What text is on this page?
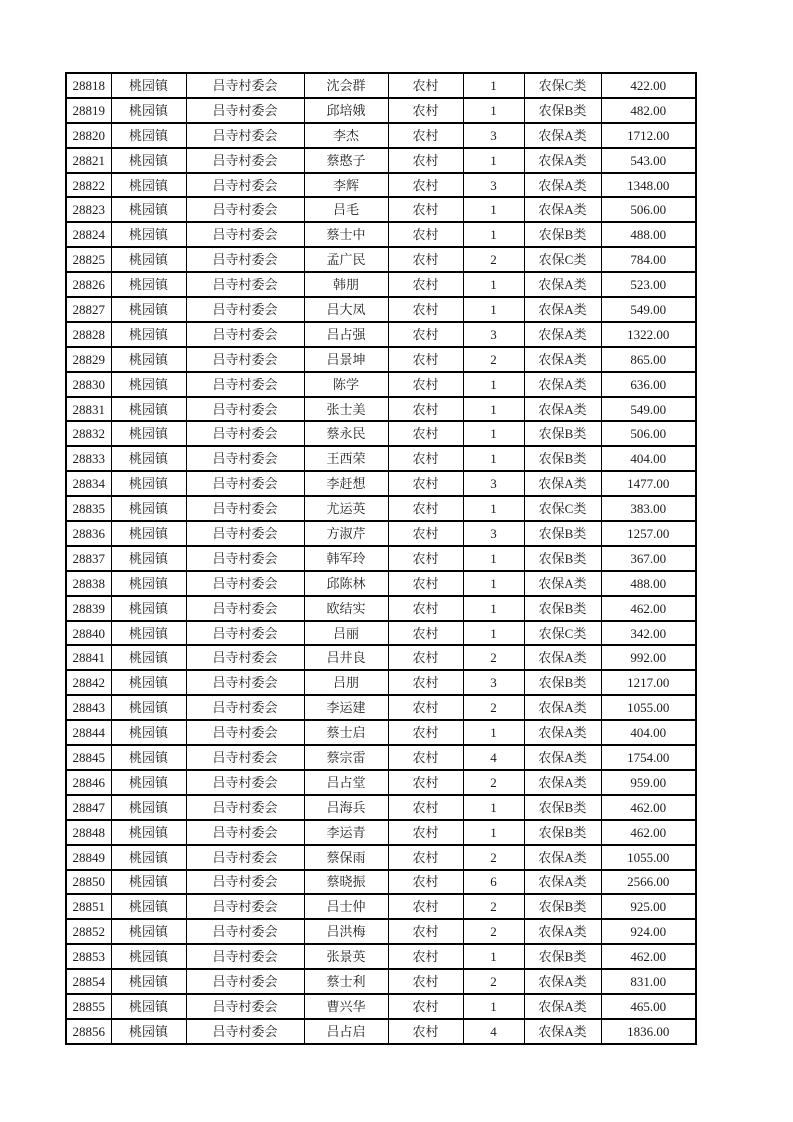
28818	桃园镇	吕寺村委会	沈会群	农村	1	农保C类	422.00
28819	桃园镇	吕寺村委会	邱培娥	农村	1	农保B类	482.00
28820	桃园镇	吕寺村委会	李杰	农村	3	农保A类	1712.00
28821	桃园镇	吕寺村委会	蔡憨子	农村	1	农保A类	543.00
28822	桃园镇	吕寺村委会	李辉	农村	3	农保A类	1348.00
28823	桃园镇	吕寺村委会	吕毛	农村	1	农保A类	506.00
28824	桃园镇	吕寺村委会	蔡士中	农村	1	农保B类	488.00
28825	桃园镇	吕寺村委会	孟广民	农村	2	农保C类	784.00
28826	桃园镇	吕寺村委会	韩朋	农村	1	农保A类	523.00
28827	桃园镇	吕寺村委会	吕大凤	农村	1	农保A类	549.00
28828	桃园镇	吕寺村委会	吕占强	农村	3	农保A类	1322.00
28829	桃园镇	吕寺村委会	吕景坤	农村	2	农保A类	865.00
28830	桃园镇	吕寺村委会	陈学	农村	1	农保A类	636.00
28831	桃园镇	吕寺村委会	张士美	农村	1	农保A类	549.00
28832	桃园镇	吕寺村委会	蔡永民	农村	1	农保B类	506.00
28833	桃园镇	吕寺村委会	王西荣	农村	1	农保B类	404.00
28834	桃园镇	吕寺村委会	李赶想	农村	3	农保A类	1477.00
28835	桃园镇	吕寺村委会	尤运英	农村	1	农保C类	383.00
28836	桃园镇	吕寺村委会	方淑芹	农村	3	农保B类	1257.00
28837	桃园镇	吕寺村委会	韩军玲	农村	1	农保B类	367.00
28838	桃园镇	吕寺村委会	邱陈林	农村	1	农保A类	488.00
28839	桃园镇	吕寺村委会	欧结实	农村	1	农保B类	462.00
28840	桃园镇	吕寺村委会	吕丽	农村	1	农保C类	342.00
28841	桃园镇	吕寺村委会	吕井良	农村	2	农保A类	992.00
28842	桃园镇	吕寺村委会	吕朋	农村	3	农保B类	1217.00
28843	桃园镇	吕寺村委会	李运建	农村	2	农保A类	1055.00
28844	桃园镇	吕寺村委会	蔡士启	农村	1	农保A类	404.00
28845	桃园镇	吕寺村委会	蔡宗雷	农村	4	农保A类	1754.00
28846	桃园镇	吕寺村委会	吕占堂	农村	2	农保A类	959.00
28847	桃园镇	吕寺村委会	吕海兵	农村	1	农保B类	462.00
28848	桃园镇	吕寺村委会	李运青	农村	1	农保B类	462.00
28849	桃园镇	吕寺村委会	蔡保雨	农村	2	农保A类	1055.00
28850	桃园镇	吕寺村委会	蔡晓振	农村	6	农保A类	2566.00
28851	桃园镇	吕寺村委会	吕士仲	农村	2	农保B类	925.00
28852	桃园镇	吕寺村委会	吕洪梅	农村	2	农保A类	924.00
28853	桃园镇	吕寺村委会	张景英	农村	1	农保B类	462.00
28854	桃园镇	吕寺村委会	蔡士利	农村	2	农保A类	831.00
28855	桃园镇	吕寺村委会	曹兴华	农村	1	农保A类	465.00
28856	桃园镇	吕寺村委会	吕占启	农村	4	农保A类	1836.00
